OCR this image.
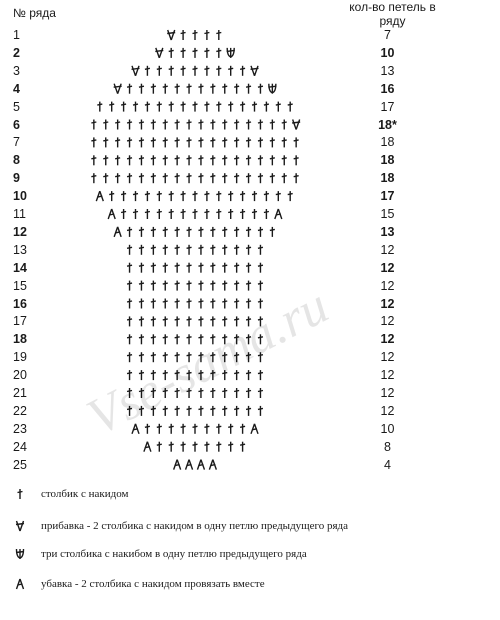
№ ряда	кол-во петель в ряду
1
2
3
4
5
6
7
8
9
10
11
12
13
14
15
16
17
18
19
20
21
22
23
24
25
7
10
13
16
17
18*
18
18
18
17
15
13
12
12
12
12
12
12
12
12
12
12
10
8
4
Vse-sama.ru
столбик с накидом
прибавка - 2 столбика с накидом в одну петлю предыдущего ряда
три столбика с накибом в одну петлю предыдущего ряда
убавка - 2 столбика с накидом провязать вместе
